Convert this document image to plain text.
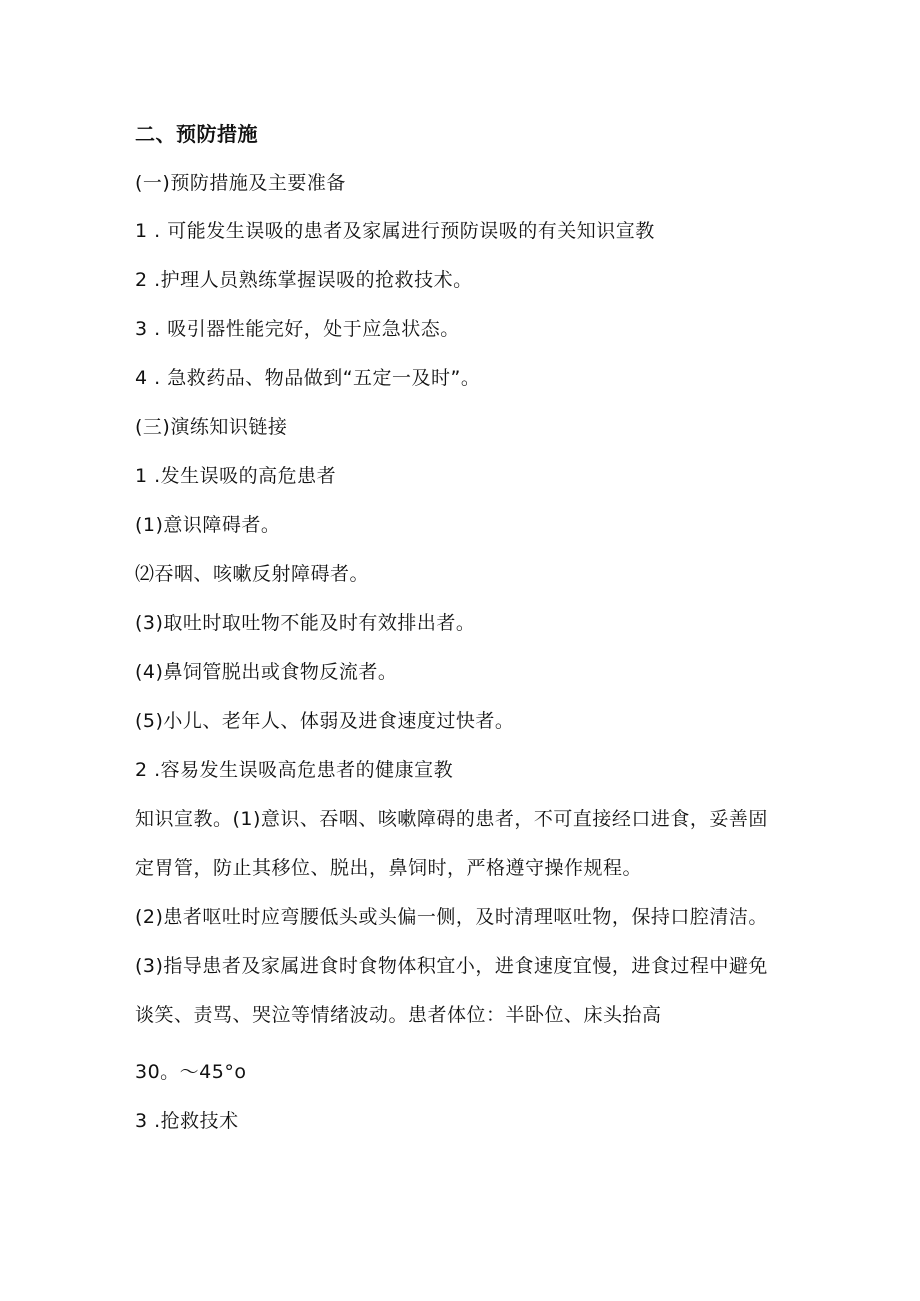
二、预防措施
(一)预防措施及主要准备
1 . 可能发生误吸的患者及家属进行预防误吸的有关知识宣教
2 .护理人员熟练掌握误吸的抢救技术。
3 . 吸引器性能完好，处于应急状态。
4 . 急救药品、物品做到“五定一及时”。
(三)演练知识链接
1 .发生误吸的高危患者
(1)意识障碍者。
⑵吞咽、咳嗽反射障碍者。
(3)取吐时取吐物不能及时有效排出者。
(4)鼻饲管脱出或食物反流者。
(5)小儿、老年人、体弱及进食速度过快者。
2 .容易发生误吸高危患者的健康宣教
知识宣教。(1)意识、吞咽、咳嗽障碍的患者，不可直接经口进食，妥善固
定胃管，防止其移位、脱出，鼻饲时，严格遵守操作规程。
(2)患者呕吐时应弯腰低头或头偏一侧，及时清理呕吐物，保持口腔清洁。
(3)指导患者及家属进食时食物体积宜小，进食速度宜慢，进食过程中避免
谈笑、责骂、哭泣等情绪波动。患者体位：半卧位、床头抬高
30。～45°o
3 .抢救技术
